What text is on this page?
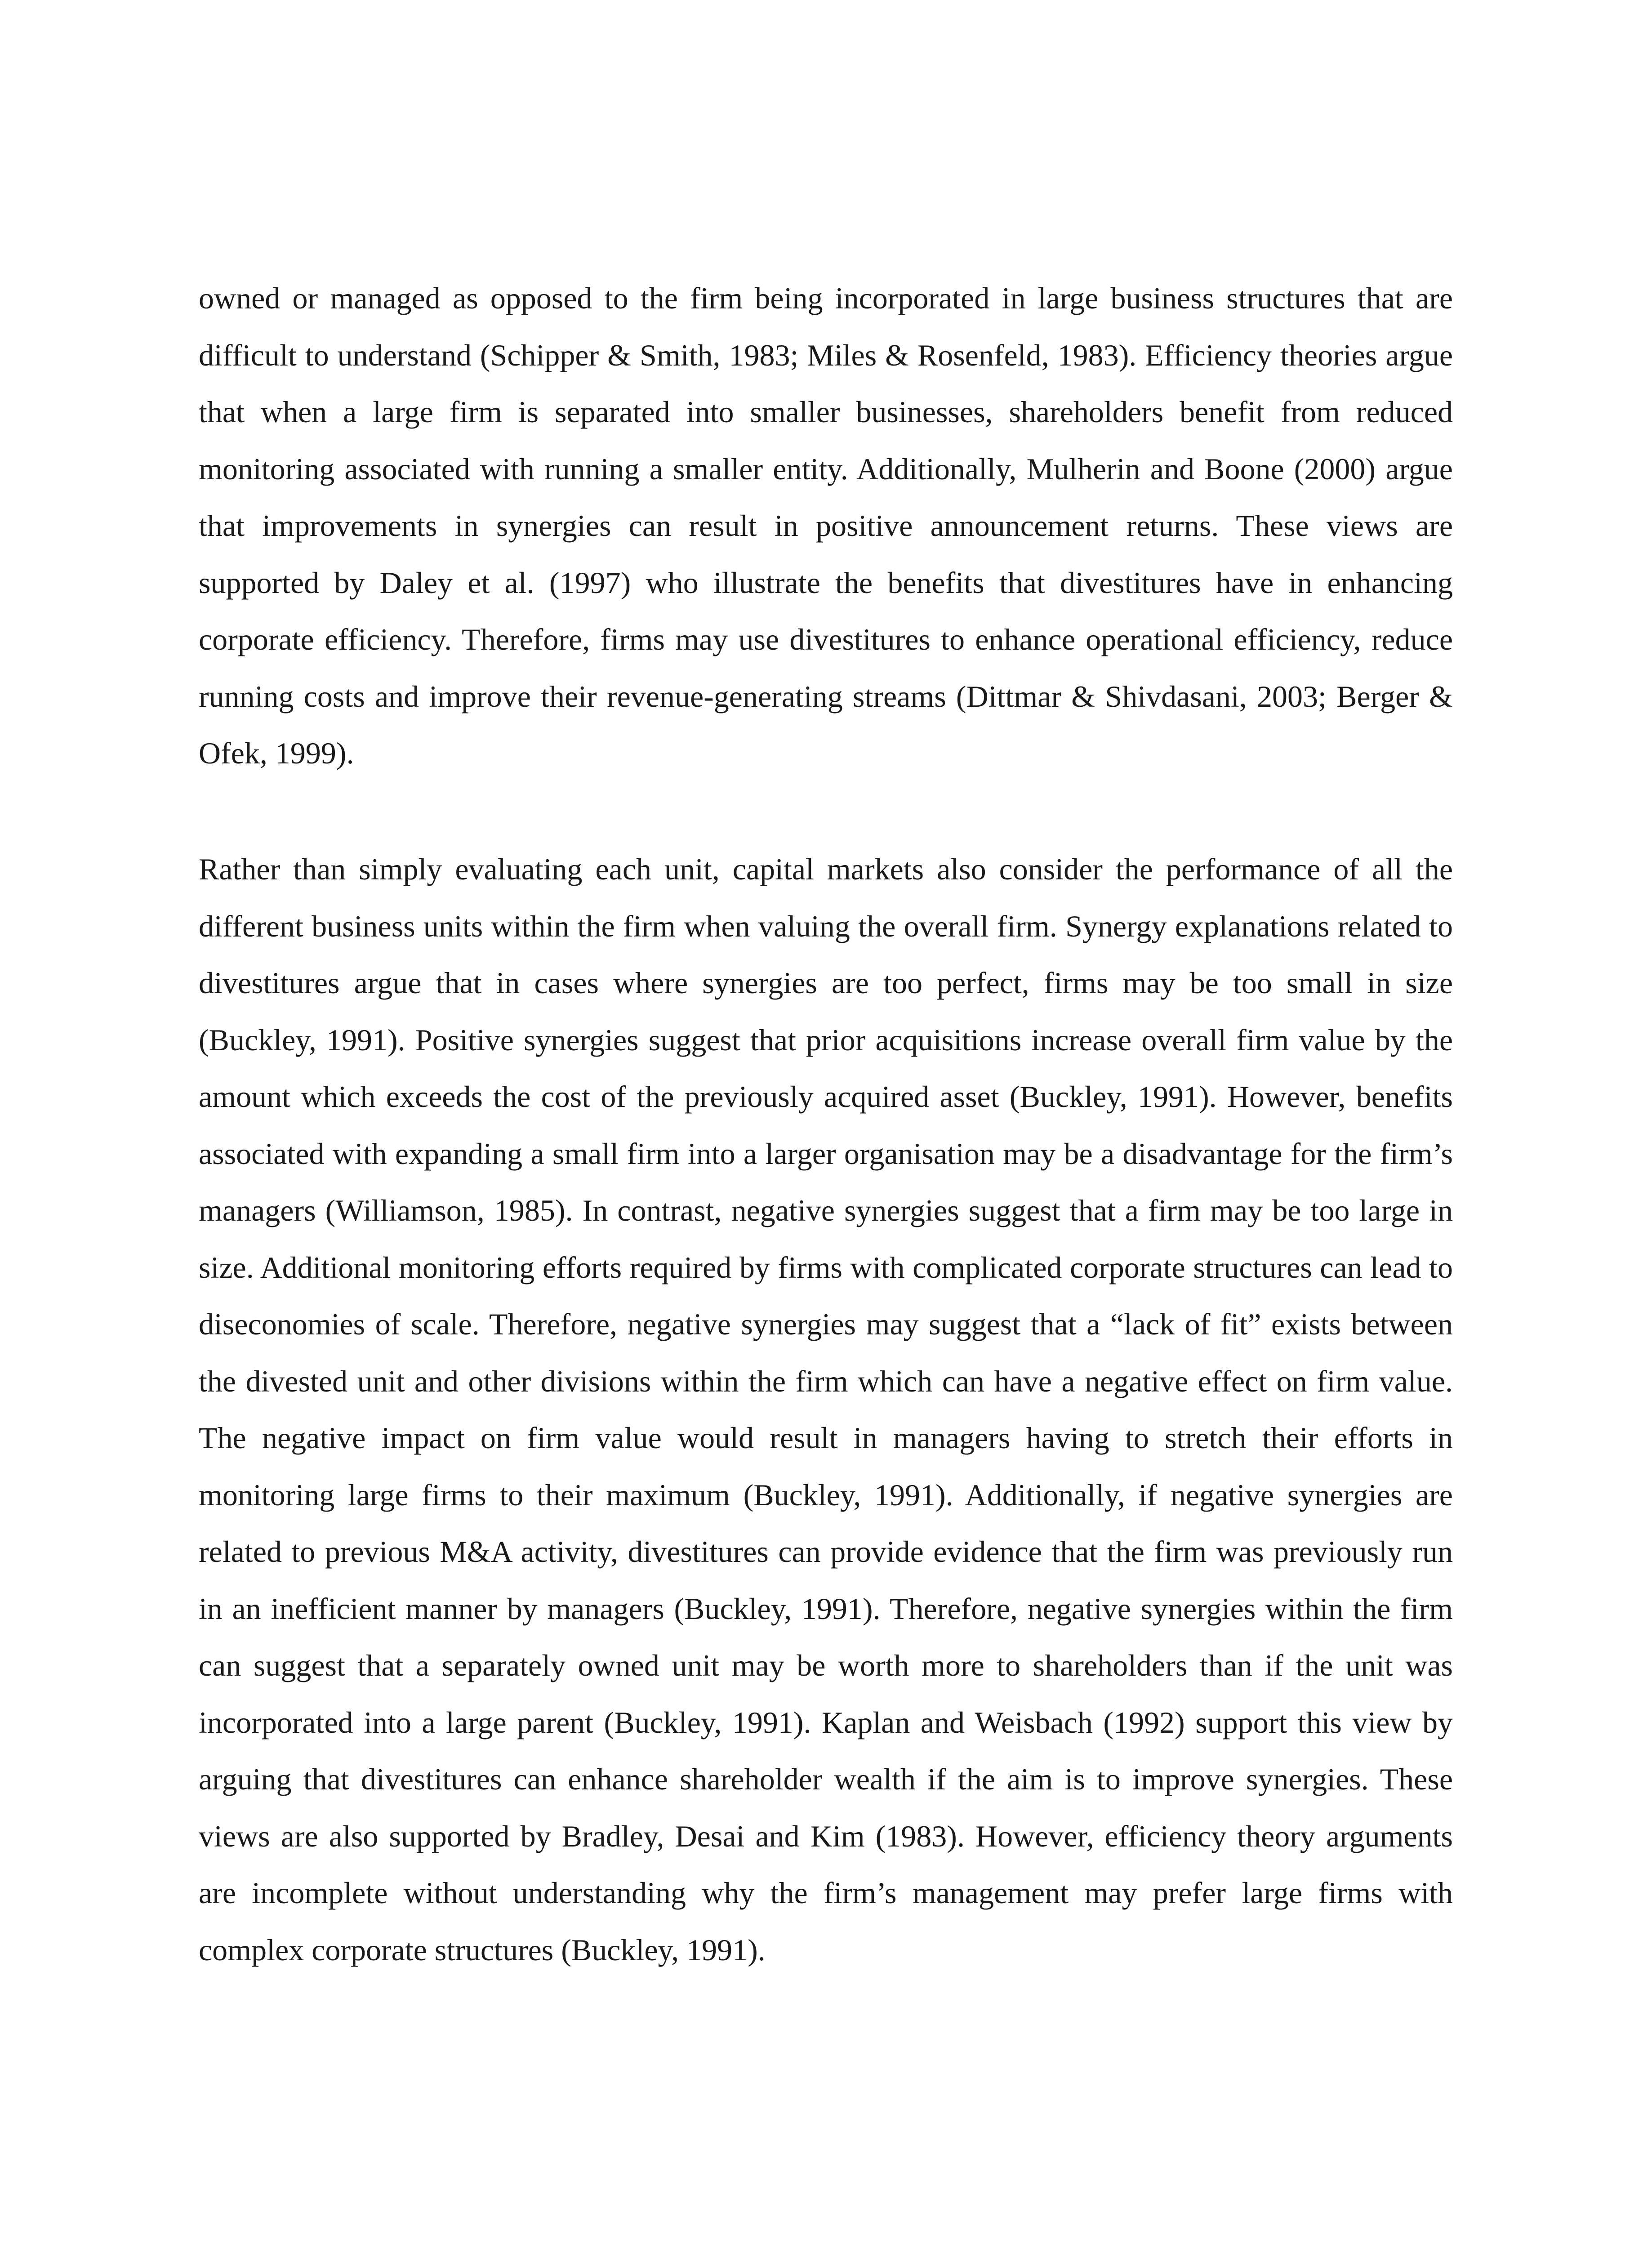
owned or managed as opposed to the firm being incorporated in large business structures that are difficult to understand (Schipper & Smith, 1983; Miles & Rosenfeld, 1983). Efficiency theories argue that when a large firm is separated into smaller businesses, shareholders benefit from reduced monitoring associated with running a smaller entity. Additionally, Mulherin and Boone (2000) argue that improvements in synergies can result in positive announcement returns. These views are supported by Daley et al. (1997) who illustrate the benefits that divestitures have in enhancing corporate efficiency. Therefore, firms may use divestitures to enhance operational efficiency, reduce running costs and improve their revenue-generating streams (Dittmar & Shivdasani, 2003; Berger & Ofek, 1999).

Rather than simply evaluating each unit, capital markets also consider the performance of all the different business units within the firm when valuing the overall firm. Synergy explanations related to divestitures argue that in cases where synergies are too perfect, firms may be too small in size (Buckley, 1991). Positive synergies suggest that prior acquisitions increase overall firm value by the amount which exceeds the cost of the previously acquired asset (Buckley, 1991). However, benefits associated with expanding a small firm into a larger organisation may be a disadvantage for the firm’s managers (Williamson, 1985). In contrast, negative synergies suggest that a firm may be too large in size. Additional monitoring efforts required by firms with complicated corporate structures can lead to diseconomies of scale. Therefore, negative synergies may suggest that a “lack of fit” exists between the divested unit and other divisions within the firm which can have a negative effect on firm value. The negative impact on firm value would result in managers having to stretch their efforts in monitoring large firms to their maximum (Buckley, 1991). Additionally, if negative synergies are related to previous M&A activity, divestitures can provide evidence that the firm was previously run in an inefficient manner by managers (Buckley, 1991). Therefore, negative synergies within the firm can suggest that a separately owned unit may be worth more to shareholders than if the unit was incorporated into a large parent (Buckley, 1991). Kaplan and Weisbach (1992) support this view by arguing that divestitures can enhance shareholder wealth if the aim is to improve synergies. These views are also supported by Bradley, Desai and Kim (1983). However, efficiency theory arguments are incomplete without understanding why the firm’s management may prefer large firms with complex corporate structures (Buckley, 1991).
